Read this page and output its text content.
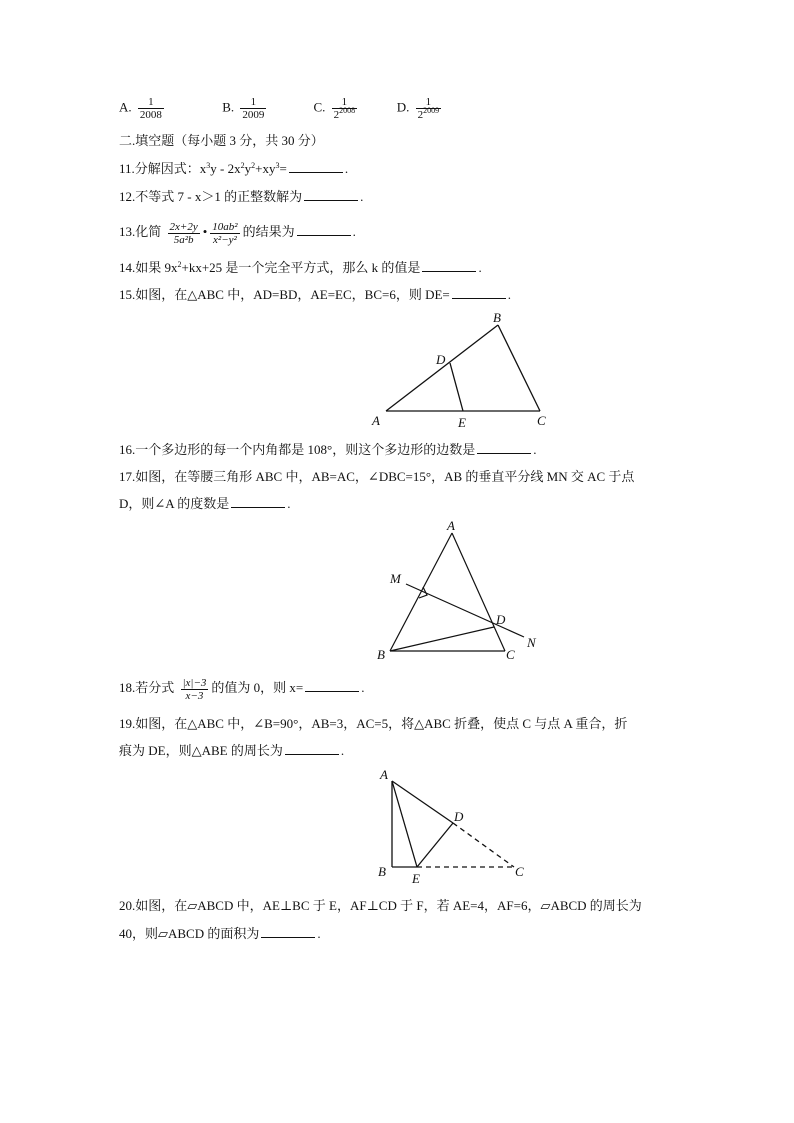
A. $\frac{1}{2008}$	B. $\frac{1}{2009}$	C. $\frac{1}{2^{2008}}$	D. $\frac{1}{2^{2009}}$
二.填空题（每小题 3 分，共 30 分）
11.分解因式：$x^3y - 2x^2y^2+xy^3=$	.
12.不等式 7 - x＞1 的正整数解为	.
13.化简 $\frac{2x+2y}{\text{5a²b}}$ • $\frac{\text{10ab²}}{\text{x²−y²}}$ 的结果为	.
14.如果 $9x^2+kx+25$ 是一个完全平方式，那么 k 的值是	.
15.如图，在△ABC 中，AD=BD，AE=EC，BC=6，则 DE=	.
A
B
C
D
E
A
B	C
D
M
N
A
B	C
D
E
16.一个多边形的每一个内角都是 108°，则这个多边形的边数是	.
17.如图，在等腰三角形 ABC 中，AB=AC，∠DBC=15°，AB 的垂直平分线 MN 交 AC 于点
D，则∠A 的度数是	.
18.若分式 $\frac{|x|-3}{x-3}$ 的值为 0，则 x=	.
19.如图，在△ABC 中，∠B=90°，AB=3，AC=5，将△ABC 折叠，使点 C 与点 A 重合，折
痕为 DE，则△ABE 的周长为	.
20.如图，在▱ABCD 中，AE⊥BC 于 E，AF⊥CD 于 F，若 AE=4，AF=6，▱ABCD 的周长为
40，则▱ABCD 的面积为	.
